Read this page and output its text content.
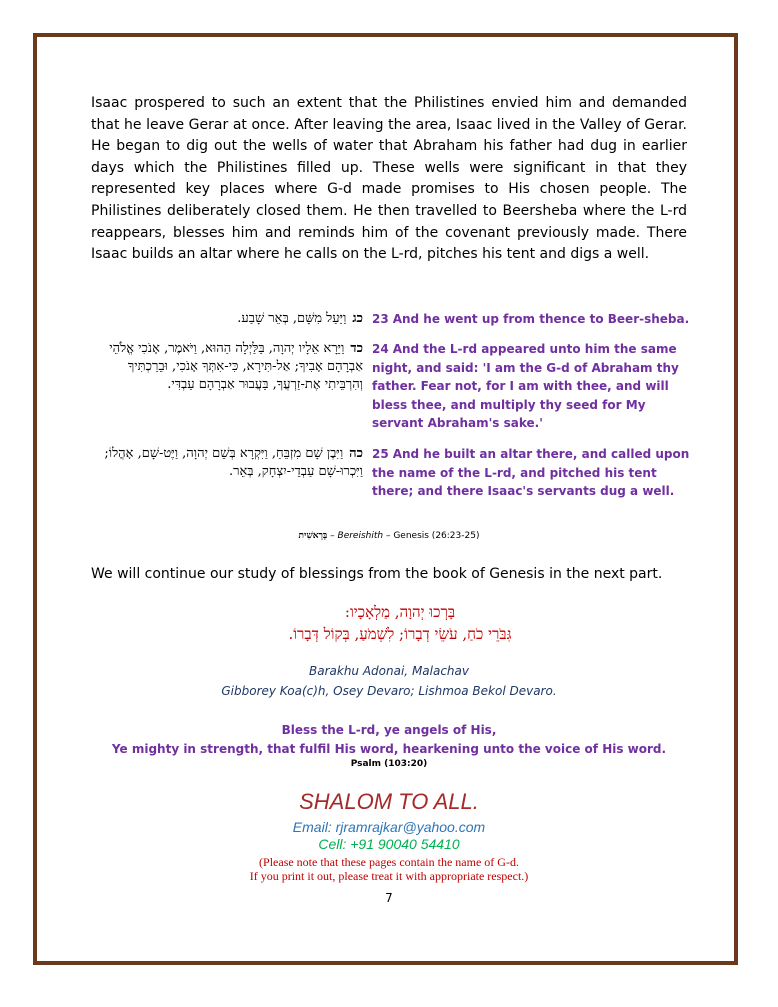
Isaac prospered to such an extent that the Philistines envied him and demanded that he leave Gerar at once. After leaving the area, Isaac lived in the Valley of Gerar. He began to dig out the wells of water that Abraham his father had dug in earlier days which the Philistines filled up. These wells were significant in that they represented key places where G-d made promises to His chosen people. The Philistines deliberately closed them. He then travelled to Beersheba where the L-rd reappears, blesses him and reminds him of the covenant previously made. There Isaac builds an altar where he calls on the L-rd, pitches his tent and digs a well.

כגוַיַּעַל מִשָּׁם, בְּאֵר שָׁבַע.	23 And he went up from thence to Beer-sheba.
כדוַיֵּרָא אֵלָיו יְהוָה, בַּלַּיְלָה הַהוּא, וַיֹּאמֶר, אָנֹכִי אֱלֹהֵי אַבְרָהָם אָבִיךָ; אַל-תִּירָא, כִּי-אִתְּךָ אָנֹכִי, וּבֵרַכְתִּיךָ וְהִרְבֵּיתִי אֶת-זַרְעֲךָ, בַּעֲבוּר אַבְרָהָם עַבְדִּי.
24 And the L-rd appeared unto him the same night, and said: 'I am the G-d of Abraham thy father. Fear not, for I am with thee, and will bless thee, and multiply thy seed for My servant Abraham's sake.'
כהוַיִּבֶן שָׁם מִזְבֵּחַ, וַיִּקְרָא בְּשֵׁם יְהוָה, וַיֶּט-שָׁם, אָהֳלוֹ; וַיִּכְרוּ-שָׁם עַבְדֵי-יִצְחָק, בְּאֵר.
25 And he built an altar there, and called upon the name of the L-rd, and pitched his tent there; and there Isaac's servants dug a well.
בְּרֵאשִׁית – Bereishith – Genesis (26:23-25)

We will continue our study of blessings from the book of Genesis in the next part.

בָּרְכוּ יְהוָה, מַלְאָכָיו:
גִּבֹּרֵי כֹחַ, עֹשֵׂי דְבָרוֹ; לִשְׁמֹעַ, בְּקוֹל דְּבָרוֹ.
Barakhu Adonai, Malachav
Gibborey Koa(c)h, Osey Devaro; Lishmoa Bekol Devaro.
Bless the L-rd, ye angels of His,
Ye mighty in strength, that fulfil His word, hearkening unto the voice of His word.
Psalm (103:20)
SHALOM TO ALL.
Email: rjramrajkar@yahoo.com
Cell: +91 90040 54410
(Please note that these pages contain the name of G-d.
If you print it out, please treat it with appropriate respect.)
7
